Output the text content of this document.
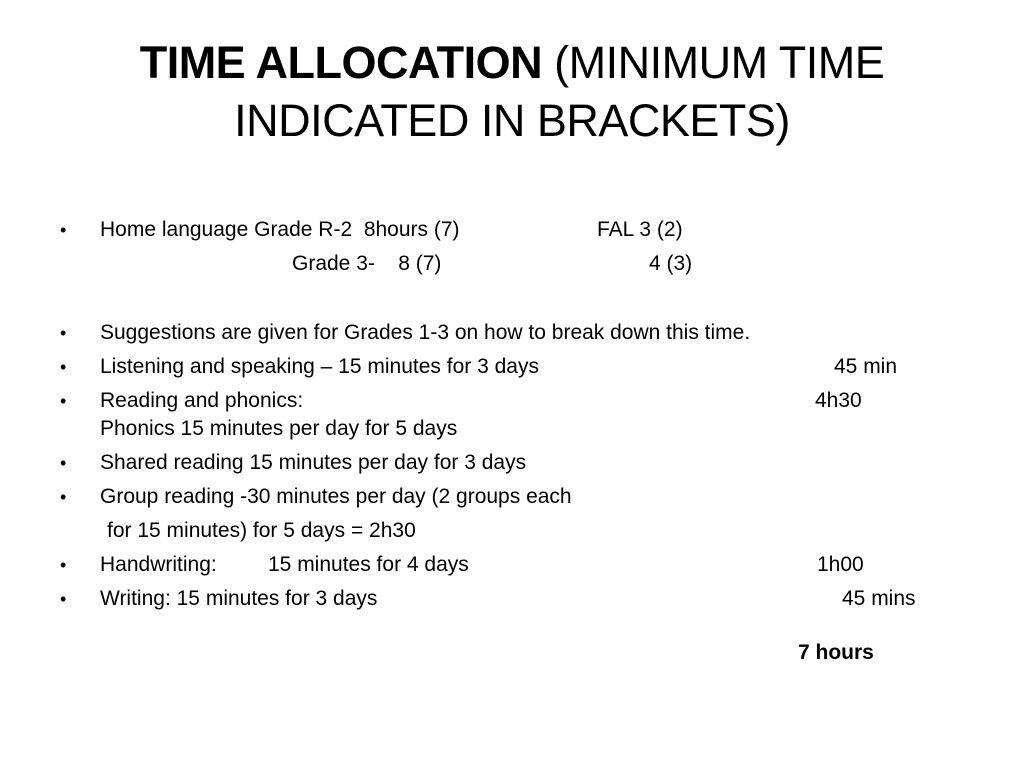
TIME ALLOCATION (MINIMUM TIME INDICATED IN BRACKETS)
• Home language Grade R-2  8hours (7)	FAL 3 (2)
Grade 3-    8 (7)	4 (3)
• Suggestions are given for Grades 1-3 on how to break down this time.
• Listening and speaking – 15 minutes for 3 days	45 min
• Reading and phonics:	4h30
Phonics 15 minutes per day for 5 days
• Shared reading 15 minutes per day for 3 days
• Group reading -30 minutes per day (2 groups each
for 15 minutes) for 5 days = 2h30
• Handwriting: 15 minutes for 4 days	1h00
• Writing: 15 minutes for 3 days	45 mins
7 hours
